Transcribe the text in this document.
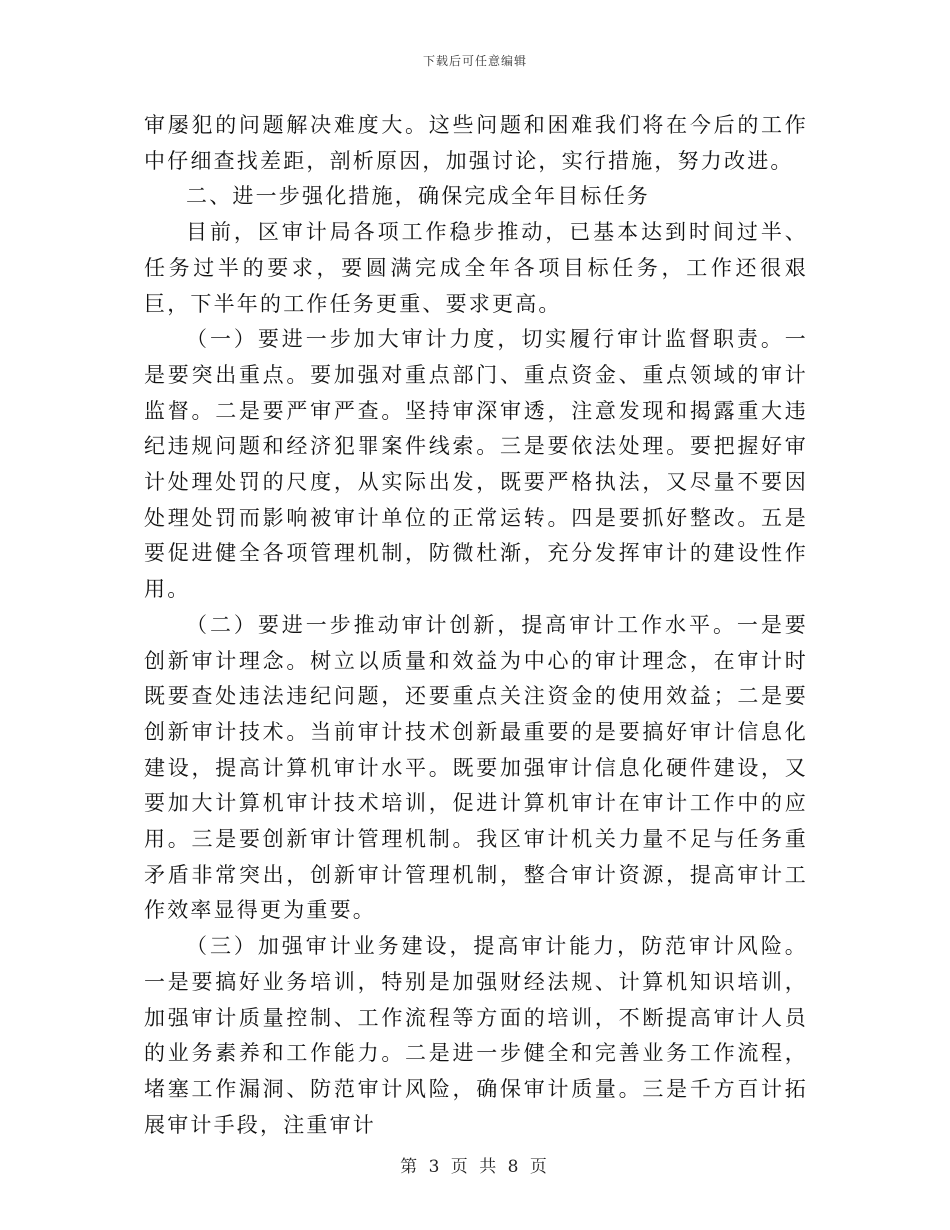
下载后可任意编辑

审屡犯的问题解决难度大。这些问题和困难我们将在今后的工作中仔细查找差距，剖析原因，加强讨论，实行措施，努力改进。

二、进一步强化措施，确保完成全年目标任务

目前，区审计局各项工作稳步推动，已基本达到时间过半、任务过半的要求，要圆满完成全年各项目标任务，工作还很艰巨，下半年的工作任务更重、要求更高。

（一）要进一步加大审计力度，切实履行审计监督职责。一是要突出重点。要加强对重点部门、重点资金、重点领域的审计监督。二是要严审严查。坚持审深审透，注意发现和揭露重大违纪违规问题和经济犯罪案件线索。三是要依法处理。要把握好审计处理处罚的尺度，从实际出发，既要严格执法，又尽量不要因处理处罚而影响被审计单位的正常运转。四是要抓好整改。五是要促进健全各项管理机制，防微杜渐，充分发挥审计的建设性作用。

（二）要进一步推动审计创新，提高审计工作水平。一是要创新审计理念。树立以质量和效益为中心的审计理念，在审计时既要查处违法违纪问题，还要重点关注资金的使用效益；二是要创新审计技术。当前审计技术创新最重要的是要搞好审计信息化建设，提高计算机审计水平。既要加强审计信息化硬件建设，又要加大计算机审计技术培训，促进计算机审计在审计工作中的应用。三是要创新审计管理机制。我区审计机关力量不足与任务重矛盾非常突出，创新审计管理机制，整合审计资源，提高审计工作效率显得更为重要。

（三）加强审计业务建设，提高审计能力，防范审计风险。一是要搞好业务培训，特别是加强财经法规、计算机知识培训，加强审计质量控制、工作流程等方面的培训，不断提高审计人员的业务素养和工作能力。二是进一步健全和完善业务工作流程，堵塞工作漏洞、防范审计风险，确保审计质量。三是千方百计拓展审计手段，注重审计

第 3 页 共 8 页
